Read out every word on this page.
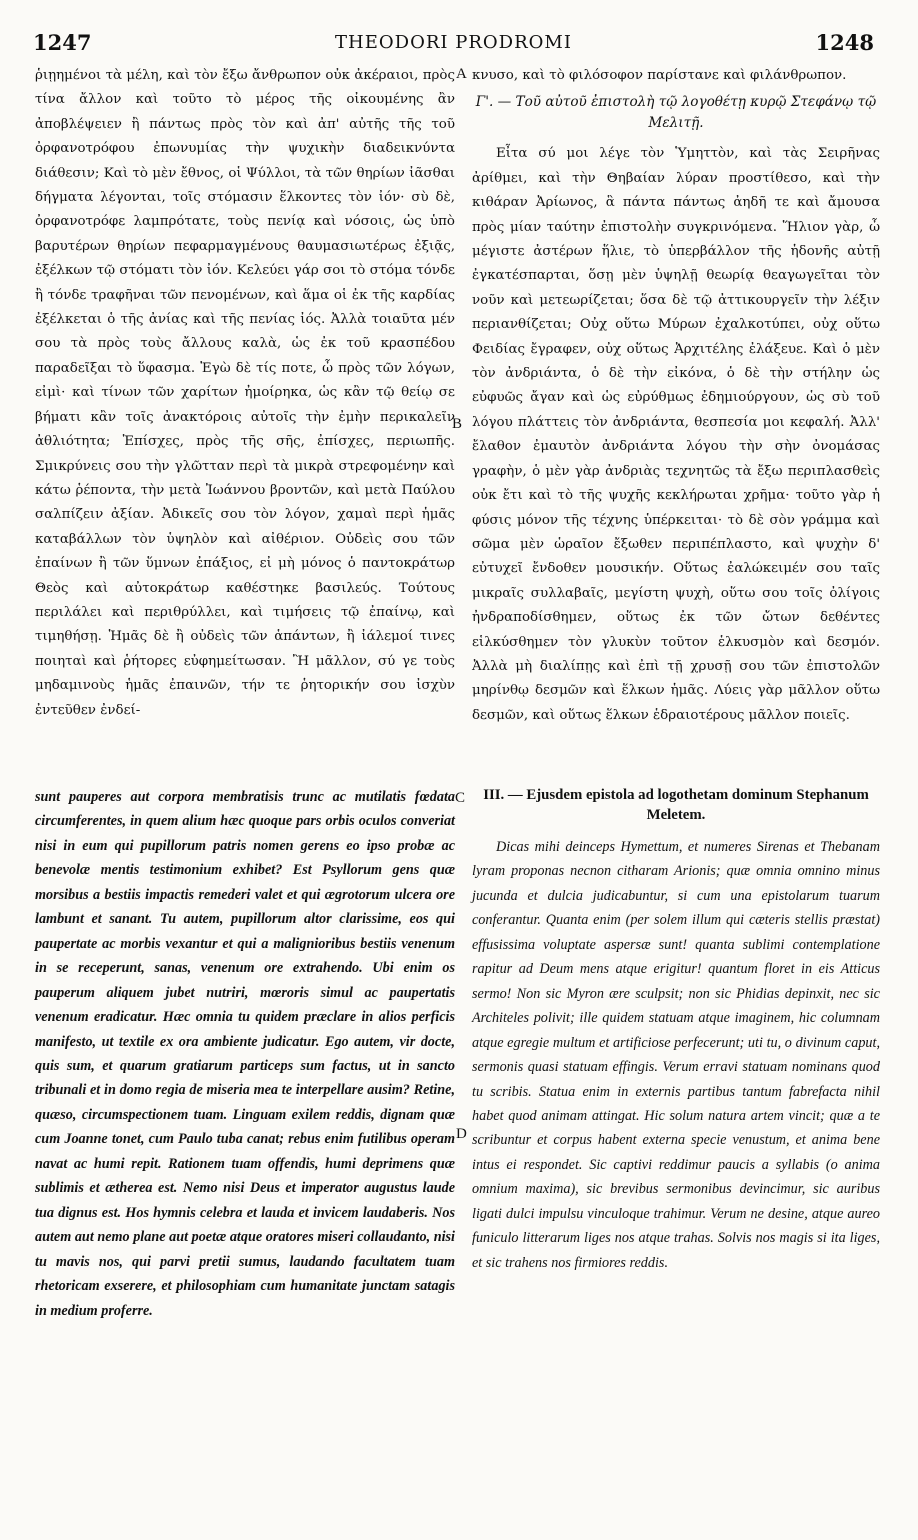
1247	THEODORI PRODROMI	1248

ῥιῃημένοι τὰ μέλη, καὶ τὸν ἔξω ἄνθρωπον οὐκ ἀκέραιοι, πρὸς τίνα ἄλλον καὶ τοῦτο τὸ μέρος τῆς οἰκουμένης ἂν ἀποβλέψειεν ἢ πάντως πρὸς τὸν καὶ ἀπ' αὐτῆς τῆς τοῦ ὀρφανοτρόφου ἐπωνυμίας τὴν ψυχικὴν διαδεικνύντα διάθεσιν; Καὶ τὸ μὲν ἔθνος, οἱ Ψύλλοι, τὰ τῶν θηρίων ἰᾶσθαι δήγματα λέγονται, τοῖς στόμασιν ἕλκοντες τὸν ἰόν· σὺ δὲ, ὀρφανοτρόφε λαμπρότατε, τοὺς πενίᾳ καὶ νόσοις, ὡς ὑπὸ βαρυτέρων θηρίων πεφαρμαγμένους θαυμασιωτέρως ἐξιᾷς, ἐξέλκων τῷ στόματι τὸν ἰόν. Κελεύει γάρ σοι τὸ στόμα τόνδε ἢ τόνδε τραφῆναι τῶν πενομένων, καὶ ἅμα οἱ ἐκ τῆς καρδίας ἐξέλκεται ὁ τῆς ἀνίας καὶ τῆς πενίας ἰός. Ἀλλὰ τοιαῦτα μέν σου τὰ πρὸς τοὺς ἄλλους καλὰ, ὡς ἐκ τοῦ κρασπέδου παραδεῖξαι τὸ ὕφασμα. Ἐγὼ δὲ τίς ποτε, ὦ πρὸς τῶν λόγων, εἰμὶ· καὶ τίνων τῶν χαρίτων ἠμοίρηκα, ὡς κἂν τῷ θείῳ σε βήματι κἂν τοῖς ἀνακτόροις αὐτοῖς τὴν ἐμὴν περικαλεῖν ἀθλιότητα; Ἐπίσχες, πρὸς τῆς σῆς, ἐπίσχες, περιωπῆς. Σμικρύνεις σου τὴν γλῶτταν περὶ τὰ μικρὰ στρεφομένην καὶ κάτω ῥέποντα, τὴν μετὰ Ἰωάννου βροντῶν, καὶ μετὰ Παύλου σαλπίζειν ἀξίαν. Ἀδικεῖς σου τὸν λόγον, χαμαὶ περὶ ἡμᾶς καταβάλλων τὸν ὑψηλὸν καὶ αἰθέριον. Οὐδεὶς σου τῶν ἐπαίνων ἢ τῶν ὕμνων ἐπάξιος, εἰ μὴ μόνος ὁ παντοκράτωρ Θεὸς καὶ αὐτοκράτωρ καθέστηκε βασιλεύς. Τούτους περιλάλει καὶ περιθρύλλει, καὶ τιμήσεις τῷ ἐπαίνῳ, καὶ τιμηθήσῃ. Ἡμᾶς δὲ ἢ οὐδεὶς τῶν ἁπάντων, ἢ ἰάλεμοί τινες ποιηταὶ καὶ ῥήτορες εὐφημείτωσαν. Ἢ μᾶλλον, σύ γε τοὺς μηδαμινοὺς ἡμᾶς ἐπαινῶν, τήν τε ῥητορικήν σου ἰσχὺν ἐντεῦθεν ἐνδεί-

A κνυσο, καὶ τὸ φιλόσοφον παρίστανε καὶ φιλάνθρωπον.

Γ'. — Τοῦ αὐτοῦ ἐπιστολὴ τῷ λογοθέτῃ κυρῷ Στεφάνῳ τῷ Μελιτῇ.

Εἶτα σύ μοι λέγε τὸν Ὑμηττὸν, καὶ τὰς Σειρῆνας ἀρίθμει, καὶ τὴν Θηβαίαν λύραν προστίθεσο, καὶ τὴν κιθάραν Ἀρίωνος, ἃ πάντα πάντως ἀηδῆ τε καὶ ἄμουσα πρὸς μίαν ταύτην ἐπιστολὴν συγκρινόμενα. Ἥλιον γὰρ, ὦ μέγιστε ἀστέρων ἥλιε, τὸ ὑπερβάλλον τῆς ἡδονῆς αὐτῇ ἐγκατέσπαρται, ὅσῃ μὲν ὑψηλῇ θεωρίᾳ θεαγωγεῖται τὸν νοῦν καὶ μετεωρίζεται; ὅσα δὲ τῷ ἀττικουργεῖν τὴν λέξιν περιανθίζεται; Οὐχ οὕτω Μύρων ἐχαλκοτύπει, οὐχ οὕτω Φειδίας ἔγραφεν, οὐχ οὕτως Ἀρχιτέλης ἐλάξευε. Καὶ ὁ μὲν τὸν ἀνδριάντα, ὁ δὲ τὴν εἰκόνα, ὁ δὲ τὴν στήλην ὡς εὐφυῶς ἄγαν καὶ ὡς εὐρύθμως ἐδημιούργουν, ὡς σὺ τοῦ λόγου πλάττεις τὸν ἀνδριάντα, θεσπεσία μοι κεφαλή. Ἀλλ' ἔλαθον ἐμαυτὸν ἀνδριάντα λόγου τὴν σὴν ὀνομάσας γραφὴν, ὁ μὲν γὰρ ἀνδριὰς τεχνητῶς τὰ ἔξω περιπλασθεὶς οὐκ ἔτι καὶ τὸ τῆς ψυχῆς κεκλήρωται χρῆμα· τοῦτο γὰρ ἡ φύσις μόνον τῆς τέχνης ὑπέρκειται· τὸ δὲ σὸν γράμμα καὶ σῶμα μὲν ὡραῖον ἔξωθεν περιπέπλαστο, καὶ ψυχὴν δ' εὐτυχεῖ ἔνδοθεν μουσικήν. Οὕτως ἐαλώκειμέν σου ταῖς μικραῖς συλλαβαῖς, μεγίστη ψυχὴ, οὕτω σου τοῖς ὀλίγοις ἠνδραποδίσθημεν, οὕτως ἐκ τῶν ὤτων δεθέντες εἱλκύσθημεν τὸν γλυκὺν τοῦτον ἑλκυσμὸν καὶ δεσμόν. Ἀλλὰ μὴ διαλίπῃς καὶ ἐπὶ τῇ χρυσῇ σου τῶν ἐπιστολῶν μηρίνθῳ δεσμῶν καὶ ἕλκων ἡμᾶς. Λύεις γὰρ μᾶλλον οὕτω δεσμῶν, καὶ οὕτως ἕλκων ἑδραιοτέρους μᾶλλον ποιεῖς.

B
C

sunt pauperes aut corpora membratisis trunc ac mutilatis fœdata circumferentes, in quem alium hæc quoque pars orbis oculos converiat nisi in eum qui pupillorum patris nomen gerens eo ipso probæ ac benevolæ mentis testimonium exhibet? Est Psyllorum gens quæ morsibus a bestiis impactis remederi valet et qui ægrotorum ulcera ore lambunt et sanant. Tu autem, pupillorum altor clarissime, eos qui paupertate ac morbis vexantur et qui a malignioribus bestiis venenum in se receperunt, sanas, venenum ore extrahendo. Ubi enim os pauperum aliquem jubet nutriri, mœroris simul ac paupertatis venenum eradicatur. Hæc omnia tu quidem præclare in alios perficis manifesto, ut textile ex ora ambiente judicatur. Ego autem, vir docte, quis sum, et quarum gratiarum particeps sum factus, ut in sancto tribunali et in domo regia de miseria mea te interpellare ausim? Retine, quæso, circumspectionem tuam. Linguam exilem reddis, dignam quæ cum Joanne tonet, cum Paulo tuba canat; rebus enim futilibus operam navat ac humi repit. Rationem tuam offendis, humi deprimens quæ sublimis et ætherea est. Nemo nisi Deus et imperator augustus laude tua dignus est. Hos hymnis celebra et lauda et invicem laudaberis. Nos autem aut nemo plane aut poetæ atque oratores miseri collaudanto, nisi tu mavis nos, qui parvi pretii sumus, laudando facultatem tuam rhetoricam exserere, et philosophiam cum humanitate junctam satagis in medium proferre.

III. — Ejusdem epistola ad logothetam dominum Stephanum Meletem.

Dicas mihi deinceps Hymettum, et numeres Sirenas et Thebanam lyram proponas necnon citharam Arionis; quæ omnia omnino minus jucunda et dulcia judicabuntur, si cum una epistolarum tuarum conferantur. Quanta enim (per solem illum qui cæteris stellis præstat) effusissima voluptate aspersæ sunt! quanta sublimi contemplatione rapitur ad Deum mens atque erigitur! quantum floret in eis Atticus sermo! Non sic Myron ære sculpsit; non sic Phidias depinxit, nec sic Architeles polivit; ille quidem statuam atque imaginem, hic columnam atque egregie multum et artificiose perfecerunt; uti tu, o divinum caput, sermonis quasi statuam effingis. Verum erravi statuam nominans quod tu scribis. Statua enim in externis partibus tantum fabrefacta nihil habet quod animam attingat. Hic solum natura artem vincit; quæ a te scribuntur et corpus habent externa specie venustum, et anima bene intus ei respondet. Sic captivi reddimur paucis a syllabis (o anima omnium maxima), sic brevibus sermonibus devincimur, sic auribus ligati dulci impulsu vinculoque trahimur. Verum ne desine, atque aureo funiculo litterarum liges nos atque trahas. Solvis nos magis si ita liges, et sic trahens nos firmiores reddis.

D
